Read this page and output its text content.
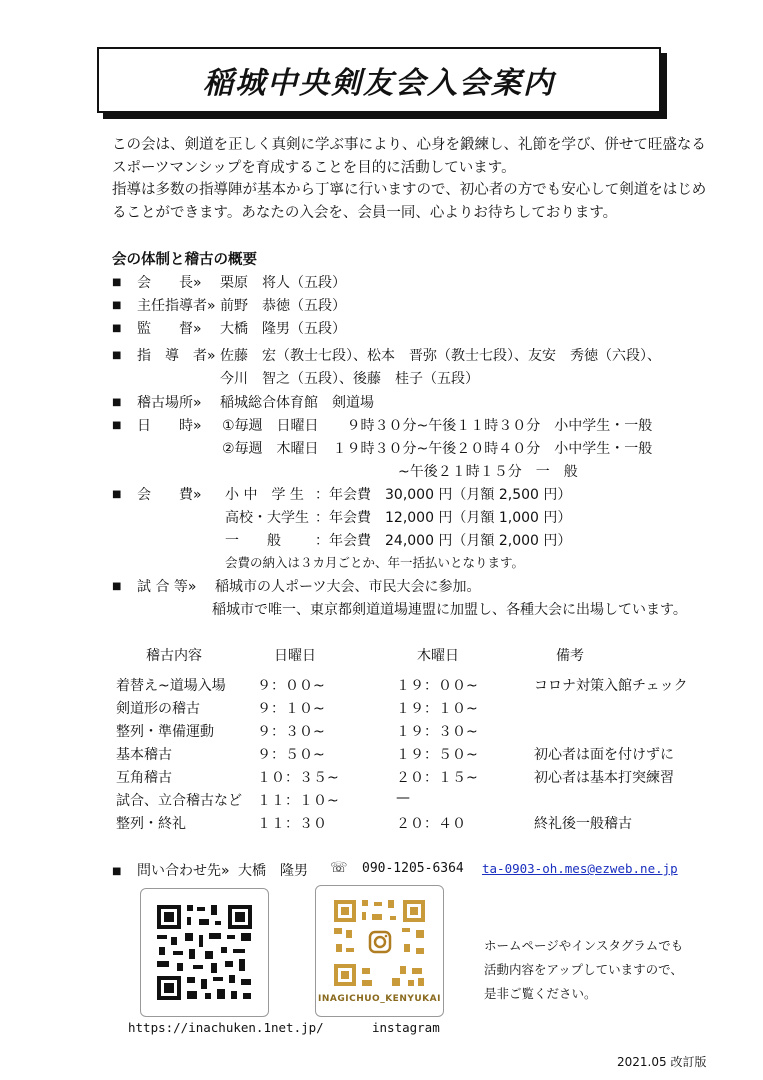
稲城中央剣友会入会案内
この会は、剣道を正しく真剣に学ぶ事により、心身を鍛練し、礼節を学び、併せて旺盛なるスポーツマンシップを育成することを目的に活動しています。
指導は多数の指導陣が基本から丁寧に行いますので、初心者の方でも安心して剣道をはじめることができます。あなたの入会を、会員一同、心よりお待ちしております。
会の体制と稽古の概要
■ 会　　長» 栗原　将人（五段）
■ 主任指導者» 前野　恭徳（五段）
■ 監　　督» 大橋　隆男（五段）
■ 指　導　者» 佐藤　宏（教士七段）、松本　晋弥（教士七段）、友安　秀徳（六段）、
今川　智之（五段）、後藤　桂子（五段）
■ 稽古場所» 稲城総合体育館　剣道場
■ 日　　時» ①毎週　日曜日　　９時３０分~午後１１時３０分　小中学生・一般
②毎週　木曜日　１９時３０分~午後２０時４０分　小中学生・一般
~午後２１時１５分　一　般
■ 会　　費» 小 中　学 生 ：年会費　30,000 円（月額 2,500 円）
高校・大学生 ：年会費　12,000 円（月額 1,000 円）
一　　般 ：年会費　24,000 円（月額 2,000 円）
会費の納入は３カ月ごとか、年一括払いとなります。
■ 試 合 等» 稲城市の人ポーツ大会、市民大会に参加。
稲城市で唯一、東京都剣道道場連盟に加盟し、各種大会に出場しています。
稽古内容	日曜日	木曜日	備考
着替え~道場入場 ９：００~	１９：００~	コロナ対策入館チェック
剣道形の稽古	９：１０~	１９：１０~
整列・準備運動	９：３０~	１９：３０~
基本稽古	９：５０~	１９：５０~	初心者は面を付けずに
互角稽古	１０：３５~	２０：１５~	初心者は基本打突練習
試合、立合稽古など １１：１０~	—
整列・終礼	１１：３０	２０：４０	終礼後一般稽古
■ 問い合わせ先» 大橋　隆男 ☏ 090-1205-6364 ta-0903-oh.mes@ezweb.ne.jp
INAGICHUO_KENYUKAI
https://inachuken.1net.jp/	instagram
ホームページやインスタグラムでも
活動内容をアップしていますので、
是非ご覧ください。
2021.05 改訂版
